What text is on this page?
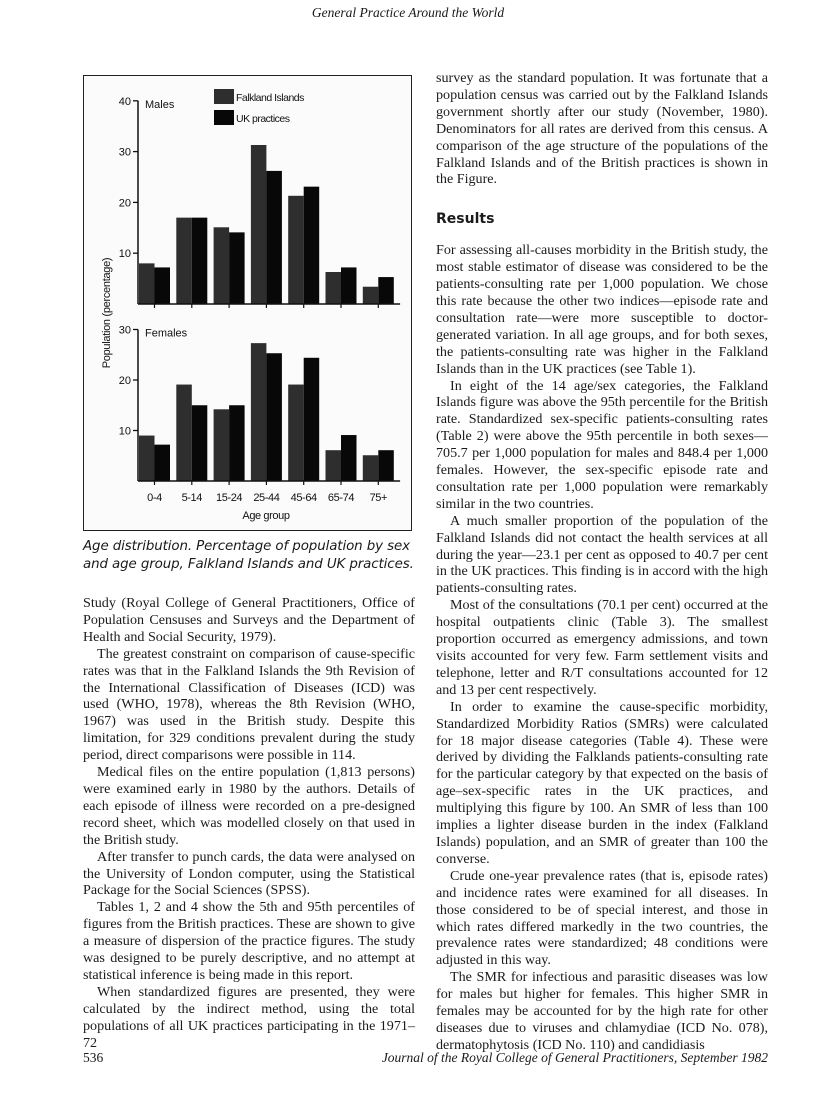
General Practice Around the World
10
20
30
40 Males
10
20
30 Females
0-4 5-14 15-24 25-44 45-64 65-74 75+
Age group
Falkland Islands
UK practices
Population (percentage)
Age distribution. Percentage of population by sex and age group, Falkland Islands and UK practices.

Study (Royal College of General Practitioners, Office of Population Censuses and Surveys and the Department of Health and Social Security, 1979).

The greatest constraint on comparison of cause-specific rates was that in the Falkland Islands the 9th Revision of the International Classification of Diseases (ICD) was used (WHO, 1978), whereas the 8th Revision (WHO, 1967) was used in the British study. Despite this limitation, for 329 conditions prevalent during the study period, direct comparisons were possible in 114.

Medical files on the entire population (1,813 persons) were examined early in 1980 by the authors. Details of each episode of illness were recorded on a pre-designed record sheet, which was modelled closely on that used in the British study.

After transfer to punch cards, the data were analysed on the University of London computer, using the Statistical Package for the Social Sciences (SPSS).

Tables 1, 2 and 4 show the 5th and 95th percentiles of figures from the British practices. These are shown to give a measure of dispersion of the practice figures. The study was designed to be purely descriptive, and no attempt at statistical inference is being made in this report.

When standardized figures are presented, they were calculated by the indirect method, using the total populations of all UK practices participating in the 1971–72

survey as the standard population. It was fortunate that a population census was carried out by the Falkland Islands government shortly after our study (November, 1980). Denominators for all rates are derived from this census. A comparison of the age structure of the populations of the Falkland Islands and of the British practices is shown in the Figure.

Results

For assessing all-causes morbidity in the British study, the most stable estimator of disease was considered to be the patients-consulting rate per 1,000 population. We chose this rate because the other two indices—episode rate and consultation rate—were more susceptible to doctor-generated variation. In all age groups, and for both sexes, the patients-consulting rate was higher in the Falkland Islands than in the UK practices (see Table 1).

In eight of the 14 age/sex categories, the Falkland Islands figure was above the 95th percentile for the British rate. Standardized sex-specific patients-consulting rates (Table 2) were above the 95th percentile in both sexes—705.7 per 1,000 population for males and 848.4 per 1,000 females. However, the sex-specific episode rate and consultation rate per 1,000 population were remarkably similar in the two countries.

A much smaller proportion of the population of the Falkland Islands did not contact the health services at all during the year—23.1 per cent as opposed to 40.7 per cent in the UK practices. This finding is in accord with the high patients-consulting rates.

Most of the consultations (70.1 per cent) occurred at the hospital outpatients clinic (Table 3). The smallest proportion occurred as emergency admissions, and town visits accounted for very few. Farm settlement visits and telephone, letter and R/T consultations accounted for 12 and 13 per cent respectively.

In order to examine the cause-specific morbidity, Standardized Morbidity Ratios (SMRs) were calculated for 18 major disease categories (Table 4). These were derived by dividing the Falklands patients-consulting rate for the particular category by that expected on the basis of age–sex-specific rates in the UK practices, and multiplying this figure by 100. An SMR of less than 100 implies a lighter disease burden in the index (Falkland Islands) population, and an SMR of greater than 100 the converse.

Crude one-year prevalence rates (that is, episode rates) and incidence rates were examined for all diseases. In those considered to be of special interest, and those in which rates differed markedly in the two countries, the prevalence rates were standardized; 48 conditions were adjusted in this way.

The SMR for infectious and parasitic diseases was low for males but higher for females. This higher SMR in females may be accounted for by the high rate for other diseases due to viruses and chlamydiae (ICD No. 078), dermatophytosis (ICD No. 110) and candidiasis

536	Journal of the Royal College of General Practitioners, September 1982
